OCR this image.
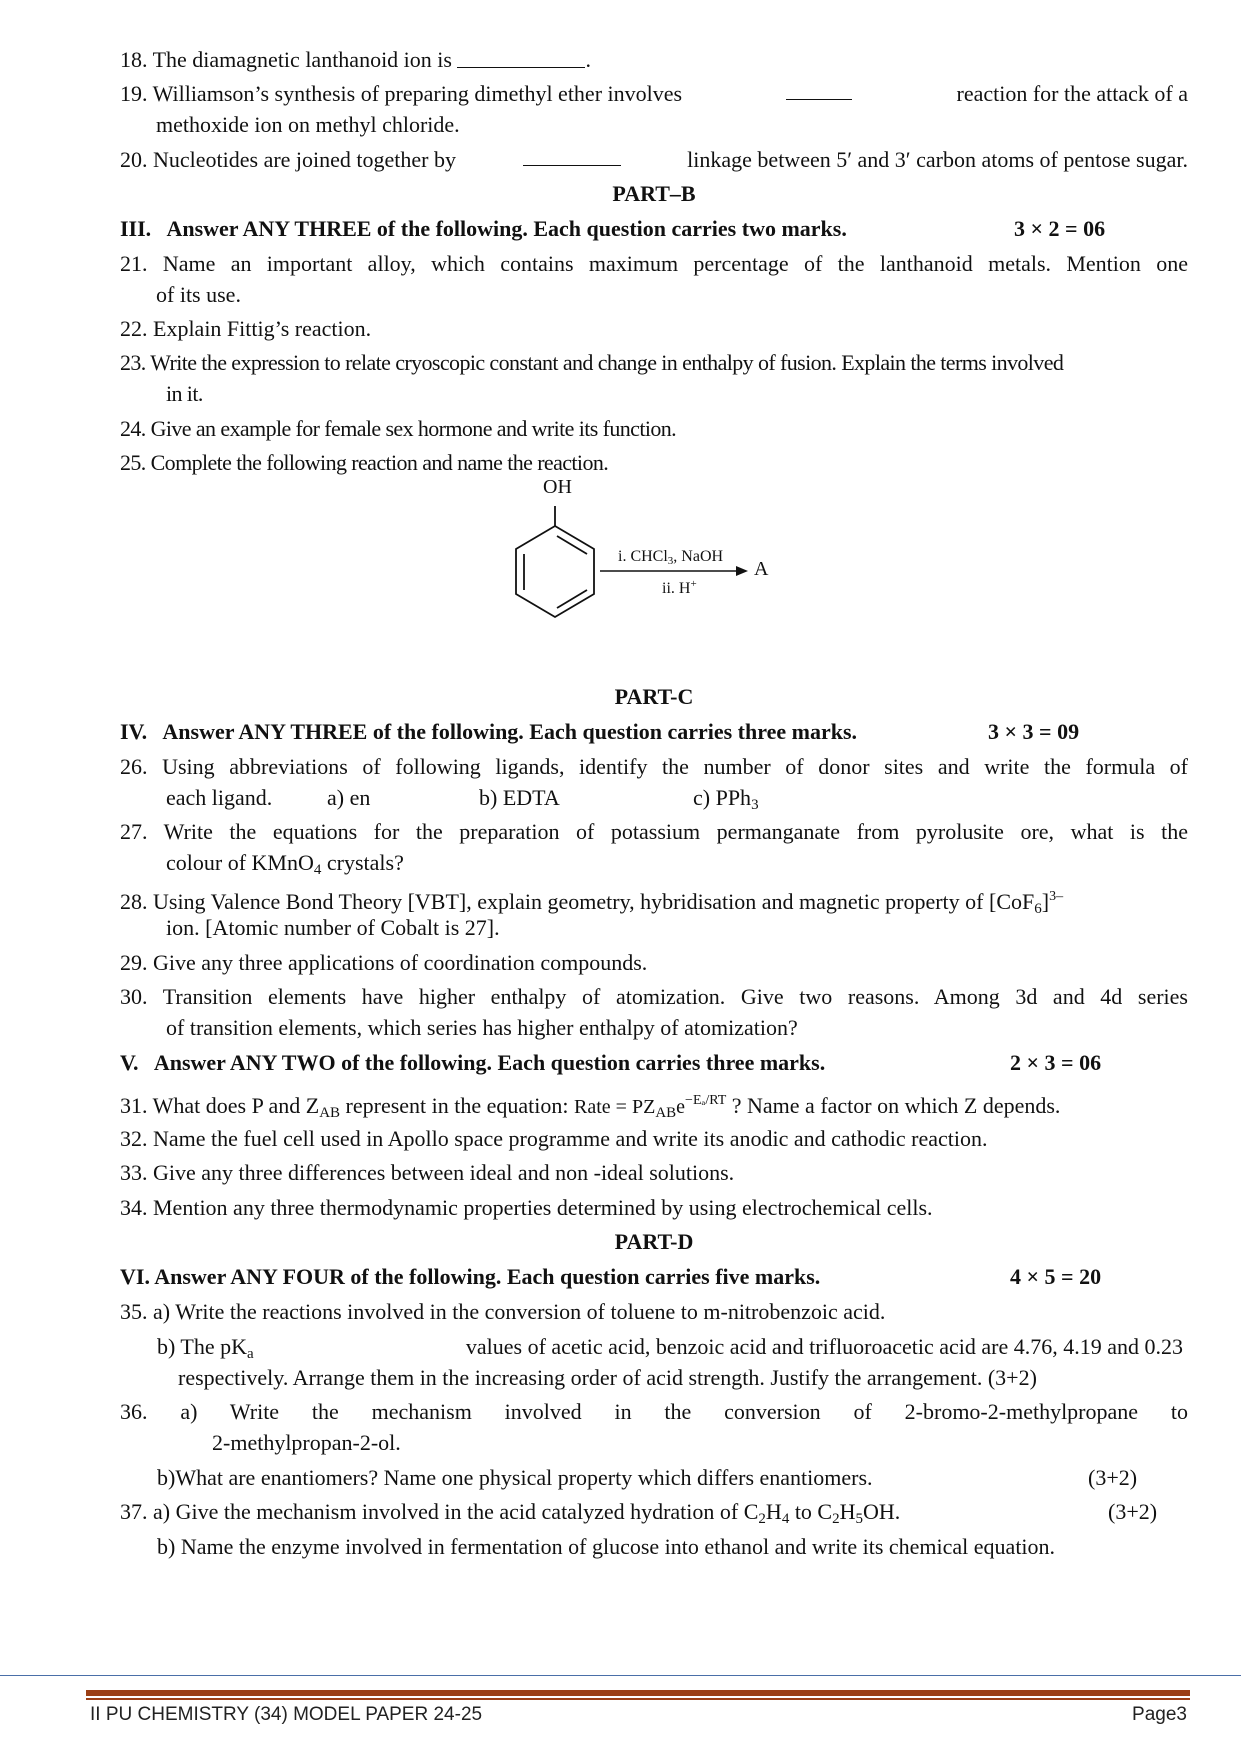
18. The diamagnetic lanthanoid ion is	.
19. Williamson’s synthesis of preparing dimethyl ether involves	reaction for the attack of a
methoxide ion on methyl chloride.
20. Nucleotides are joined together by	linkage between 5′ and 3′ carbon atoms of pentose sugar.
PART–B
III.   Answer ANY THREE of the following. Each question carries two marks.	3 × 2 = 06
21. Name an important alloy, which contains maximum percentage of the lanthanoid metals. Mention one
of its use.
22. Explain Fittig’s reaction.
23. Write the expression to relate cryoscopic constant and change in enthalpy of fusion. Explain the terms involved
in it.
24. Give an example for female sex hormone and write its function.
25. Complete the following reaction and name the reaction.
OH
i. CHCl3, NaOH
ii. H+
A
PART-C
IV.   Answer ANY THREE of the following. Each question carries three marks.	3 × 3 = 09
26. Using abbreviations of following ligands, identify the number of donor sites and write the formula of
each ligand. a) en	b) EDTA	c) PPh$_3$
27. Write the equations for the preparation of potassium permanganate from pyrolusite ore, what is the
colour of KMnO$_4$ crystals?
28. Using Valence Bond Theory [VBT], explain geometry, hybridisation and magnetic property of $[CoF_6]^{3-}$
ion. [Atomic number of Cobalt is 27].
29. Give any three applications of coordination compounds.
30. Transition elements have higher enthalpy of atomization. Give two reasons. Among 3d and 4d series
of transition elements, which series has higher enthalpy of atomization?
V.   Answer ANY TWO of the following. Each question carries three marks.	2 × 3 = 06
31. What does P and $Z_{AB}$ represent in the equation: Rate = $PZ_{AB}e^{-E_a/RT}$ ? Name a factor on which Z depends.
32. Name the fuel cell used in Apollo space programme and write its anodic and cathodic reaction.
33. Give any three differences between ideal and non -ideal solutions.
34. Mention any three thermodynamic properties determined by using electrochemical cells.
PART-D
VI. Answer ANY FOUR of the following. Each question carries five marks.	4 × 5 = 20
35. a) Write the reactions involved in the conversion of toluene to m-nitrobenzoic acid.
b) The $pK_a$	values of acetic acid, benzoic acid and trifluoroacetic acid are 4.76, 4.19 and 0.23
respectively. Arrange them in the increasing order of acid strength. Justify the arrangement. (3+2)
36.   a)   Write   the   mechanism   involved   in   the   conversion   of   2-bromo-2-methylpropane   to
2-methylpropan-2-ol.
b)What are enantiomers? Name one physical property which differs enantiomers.	(3+2)
37. a) Give the mechanism involved in the acid catalyzed hydration of $C_2H_4$ to $C_2H_5OH$.	(3+2)
b) Name the enzyme involved in fermentation of glucose into ethanol and write its chemical equation.
II PU CHEMISTRY (34) MODEL PAPER 24-25	Page3
